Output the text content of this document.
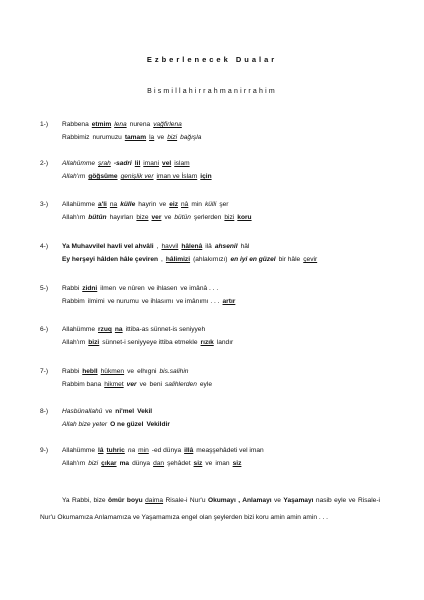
Ezberlenecek Dualar
Bismillahirrahmanirrahim
1-)	Rabbena etmim lena nurena vağfirlena
Rabbimiz nurumuzu tamam la ve bizi bağışla
2-)	Allahümme şrah -sadri lil imani vel islam
Allah'ım göğsüme genişlik ver iman ve İslam için
3-)	Allahümme a'li na külle hayrin ve eiz nâ min külli şer
Allah'ım bütün hayırları bize ver ve bütün şerlerden bizi koru
4-)	Ya Muhavvilel havli vel ahvâli , havvil hâlenâ ilâ ahsenil hâl
Ey herşeyi hâlden hâle çeviren , hâlimizi (ahlakımızı) en iyi en güzel bir hâle çevir
5-)	Rabbi zidni ilmen ve nûren ve ihlasen ve imânâ . . .
Rabbim ilmimi ve nurumu ve ihlasımı ve imânımı . . . artır
6-)	Allahümme rzuq na ittiba-as sünnet-is seniyyeh
Allah'ım bizi sünnet-i seniyyeye ittiba etmekle rızık landır
7-)	Rabbi hebll hükmen ve elhıgni bis.salihin
Rabbim bana hikmet ver ve beni salihlerden eyle
8-)	Hasbünallahü ve ni'mel Vekil
Allah bize yeter O ne güzel Vekildir
9-)	Allahümme lâ tuhric na min -ed dünya illâ meaşşehâdeti vel iman
Allah'ım bizi çıkar ma dünya dan şehâdet siz ve iman siz

Ya Rabbi, bize ömür boyu daima Risale-i Nur'u Okumayı , Anlamayı ve Yaşamayı nasib eyle ve Risale-i Nur'u Okumamıza Anlamamıza ve Yaşamamıza engel olan şeylerden bizi koru amin amin amin . . .
